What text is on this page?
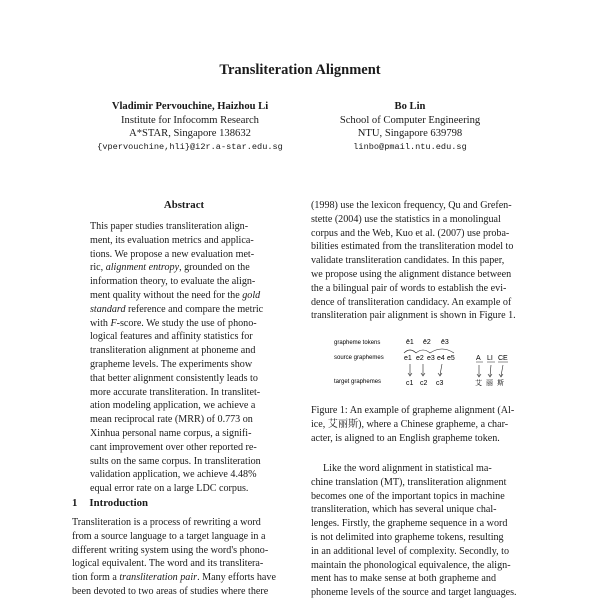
Transliteration Alignment
Vladimir Pervouchine, Haizhou Li
Institute for Infocomm Research
A*STAR, Singapore 138632
{vpervouchine,hli}@i2r.a-star.edu.sg
Bo Lin
School of Computer Engineering
NTU, Singapore 639798
linbo@pmail.ntu.edu.sg
Abstract

This paper studies transliteration align-

ment, its evaluation metrics and applica-

tions. We propose a new evaluation met-

ric, alignment entropy, grounded on the

information theory, to evaluate the align-

ment quality without the need for the gold

standard reference and compare the metric

with F-score. We study the use of phono-

logical features and affinity statistics for

transliteration alignment at phoneme and

grapheme levels. The experiments show

that better alignment consistently leads to

more accurate transliteration. In translitet-

ation modeling application, we achieve a

mean reciprocal rate (MRR) of 0.773 on

Xinhua personal name corpus, a signifi-

cant improvement over other reported re-

sults on the same corpus. In transliteration

validation application, we achieve 4.48%

equal error rate on a large LDC corpus.

1 Introduction

Transliteration is a process of rewriting a word

from a source language to a target language in a

different writing system using the word's phono-

logical equivalent. The word and its translitera-

tion form a transliteration pair. Many efforts have

been devoted to two areas of studies where there

(1998) use the lexicon frequency, Qu and Grefen-

stette (2004) use the statistics in a monolingual

corpus and the Web, Kuo et al. (2007) use proba-

bilities estimated from the transliteration model to

validate transliteration candidates. In this paper,

we propose using the alignment distance between

the a bilingual pair of words to establish the evi-

dence of transliteration candidacy. An example of

transliteration pair alignment is shown in Figure 1.

grapheme tokens
source graphemes
target graphemes
ē1 ē2 ē3
e1 e2 e3 e4 e5
c1 c2 c3
A LI CE
艾 丽 斯
Figure 1: An example of grapheme alignment (Al-
ice, 艾丽斯), where a Chinese grapheme, a char-
acter, is aligned to an English grapheme token.

Like the word alignment in statistical ma-

chine translation (MT), transliteration alignment

becomes one of the important topics in machine

transliteration, which has several unique chal-

lenges. Firstly, the grapheme sequence in a word

is not delimited into grapheme tokens, resulting

in an additional level of complexity. Secondly, to

maintain the phonological equivalence, the align-

ment has to make sense at both grapheme and

phoneme levels of the source and target languages.
